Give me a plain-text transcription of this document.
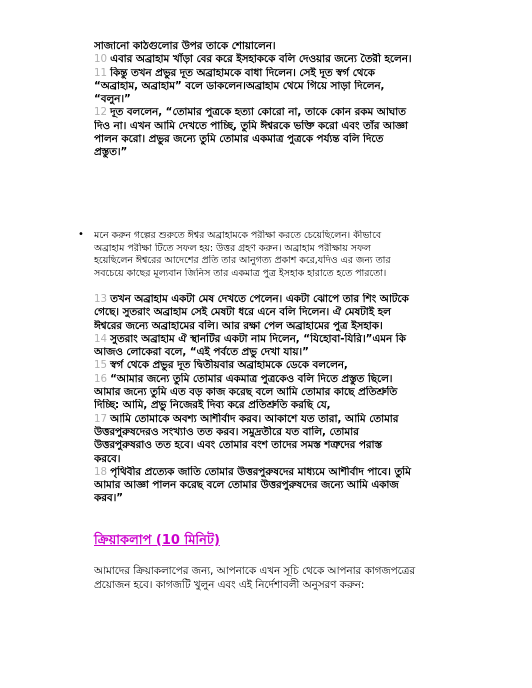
সাজানো কাঠগুলোর উপর তাকে শোয়ালেন।
10 এবার অব্রাহাম খাঁড়া বের করে ইসহাককে বলি দেওয়ার জন্যে তৈরী হলেন।
11 কিন্তু তখন প্রভুর দূত অব্রাহামকে বাধা দিলেন। সেই দূত স্বর্গ থেকে
“অব্রাহাম, অব্রাহাম” বলে ডাকলেন।অব্রাহাম থেমে গিয়ে সাড়া দিলেন,
“বলুন।”
12 দূত বললেন, “তোমার পুত্রকে হত্যা কোরো না, তাকে কোন রকম আঘাত
দিও না। এখন আমি দেখতে পাচ্ছি, তুমি ঈশ্বরকে ভক্তি করো এবং তাঁর আজ্ঞা
পালন করো। প্রভুর জন্যে তুমি তোমার একমাত্র পুত্রকে পর্য্যন্ত বলি দিতে
প্রস্তুত।”
• মনে করুন গল্পের শুরুতে ঈশ্বর অব্রাহামকে পরীক্ষা করতে চেয়েছিলেন। কীভাবে
অব্রাহাম পরীক্ষা টিতে সফল হয়: উত্তর গ্রহণ করুন। অব্রাহাম পরীক্ষায় সফল
হয়েছিলেন ঈশ্বরের আদেশের প্রতি তার আনুগত্য প্রকাশ করে,যদিও এর জন্য তার
সবচেয়ে কাছের মূল্যবান জিনিস তার একমাত্র পুত্র ইসহাক হারাতে হতে পারতো।
13 তখন অব্রাহাম একটা মেষ দেখতে পেলেন। একটা ঝোপে তার শিং আটকে
গেছে। সুতরাং অব্রাহাম সেই মেষটা ধরে এনে বলি দিলেন। ঐ মেষটাই হল
ঈশ্বরের জন্যে অব্রাহামের বলি। আর রক্ষা পেল অব্রাহামের পুত্র ইসহাক।
14 সুতরাং অব্রাহাম ঐ স্থানটির একটা নাম দিলেন, “যিহোবা-যিরি।”এমন কি
আজও লোকেরা বলে, “এই পর্বতে প্রভু দেখা যায়।”
15 স্বর্গ থেকে প্রভুর দূত দ্বিতীয়বার অব্রাহামকে ডেকে বললেন,
16 “আমার জন্যে তুমি তোমার একমাত্র পুত্রকেও বলি দিতে প্রস্তুত ছিলে।
আমার জন্যে তুমি এত বড় কাজ করেছ বলে আমি তোমার কাছে প্রতিশ্রুতি
দিচ্ছি: আমি, প্রভু নিজেরই দিব্য করে প্রতিশ্রুতি করছি যে,
17 আমি তোমাকে অবশ্য আশীর্বাদ করব। আকাশে যত তারা, আমি তোমার
উত্তরপুরুষদেরও সংখ্যাও তত করব। সমুদ্রতীরে যত বালি, তোমার
উত্তরপুরুষরাও তত হবে। এবং তোমার বংশ তাদের সমস্ত শত্রুদের পরাস্ত
করবে।
18 পৃথিবীর প্রত্যেক জাতি তোমার উত্তরপুরুষদের মাধ্যমে আশীর্বাদ পাবে। তুমি
আমার আজ্ঞা পালন করেছ বলে তোমার উত্তরপুরুষদের জন্যে আমি একাজ
করব।”
ক্রিয়াকলাপ (10 মিনিট)
আমাদের ক্রিয়াকলাপের জন্য, আপনাকে এখন সূচি থেকে আপনার কাগজপত্রের
প্রয়োজন হবে। কাগজটি খুলুন এবং এই নির্দেশাবলী অনুসরণ করুন:
